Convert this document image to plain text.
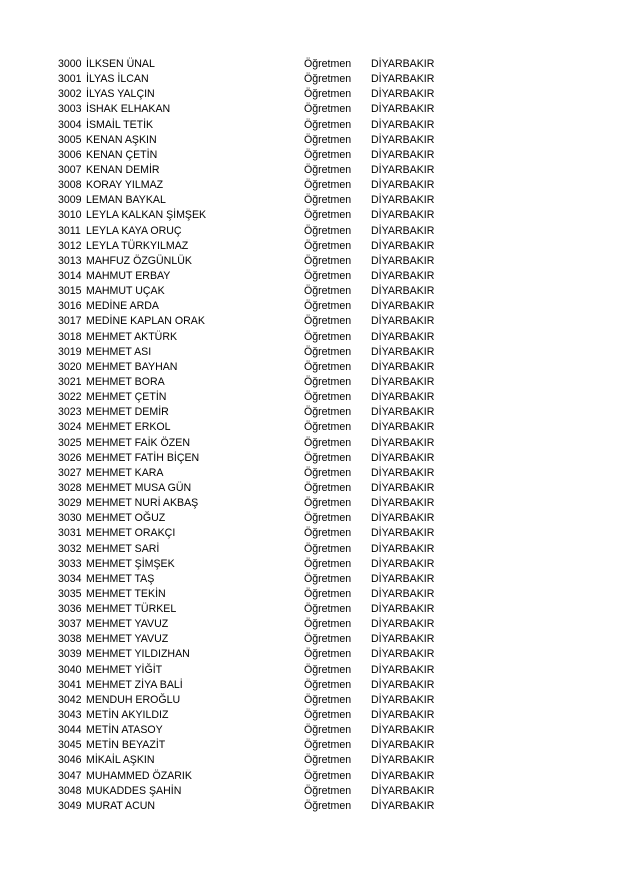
3000 İLKSEN ÜNAL	Öğretmen DİYARBAKIR
3001 İLYAS İLCAN	Öğretmen DİYARBAKIR
3002 İLYAS YALÇIN	Öğretmen DİYARBAKIR
3003 İSHAK ELHAKAN	Öğretmen DİYARBAKIR
3004 İSMAİL TETİK	Öğretmen DİYARBAKIR
3005 KENAN AŞKIN	Öğretmen DİYARBAKIR
3006 KENAN ÇETİN	Öğretmen DİYARBAKIR
3007 KENAN DEMİR	Öğretmen DİYARBAKIR
3008 KORAY YILMAZ	Öğretmen DİYARBAKIR
3009 LEMAN BAYKAL	Öğretmen DİYARBAKIR
3010 LEYLA KALKAN ŞİMŞEK	Öğretmen DİYARBAKIR
3011 LEYLA KAYA ORUÇ	Öğretmen DİYARBAKIR
3012 LEYLA TÜRKYILMAZ	Öğretmen DİYARBAKIR
3013 MAHFUZ ÖZGÜNLÜK	Öğretmen DİYARBAKIR
3014 MAHMUT ERBAY	Öğretmen DİYARBAKIR
3015 MAHMUT UÇAK	Öğretmen DİYARBAKIR
3016 MEDİNE ARDA	Öğretmen DİYARBAKIR
3017 MEDİNE KAPLAN ORAK	Öğretmen DİYARBAKIR
3018 MEHMET AKTÜRK	Öğretmen DİYARBAKIR
3019 MEHMET ASI	Öğretmen DİYARBAKIR
3020 MEHMET BAYHAN	Öğretmen DİYARBAKIR
3021 MEHMET BORA	Öğretmen DİYARBAKIR
3022 MEHMET ÇETİN	Öğretmen DİYARBAKIR
3023 MEHMET DEMİR	Öğretmen DİYARBAKIR
3024 MEHMET ERKOL	Öğretmen DİYARBAKIR
3025 MEHMET FAİK ÖZEN	Öğretmen DİYARBAKIR
3026 MEHMET FATİH BİÇEN	Öğretmen DİYARBAKIR
3027 MEHMET KARA	Öğretmen DİYARBAKIR
3028 MEHMET MUSA GÜN	Öğretmen DİYARBAKIR
3029 MEHMET NURİ AKBAŞ	Öğretmen DİYARBAKIR
3030 MEHMET OĞUZ	Öğretmen DİYARBAKIR
3031 MEHMET ORAKÇI	Öğretmen DİYARBAKIR
3032 MEHMET SARİ	Öğretmen DİYARBAKIR
3033 MEHMET ŞİMŞEK	Öğretmen DİYARBAKIR
3034 MEHMET TAŞ	Öğretmen DİYARBAKIR
3035 MEHMET TEKİN	Öğretmen DİYARBAKIR
3036 MEHMET TÜRKEL	Öğretmen DİYARBAKIR
3037 MEHMET YAVUZ	Öğretmen DİYARBAKIR
3038 MEHMET YAVUZ	Öğretmen DİYARBAKIR
3039 MEHMET YILDIZHAN	Öğretmen DİYARBAKIR
3040 MEHMET YİĞİT	Öğretmen DİYARBAKIR
3041 MEHMET ZİYA BALİ	Öğretmen DİYARBAKIR
3042 MENDUH EROĞLU	Öğretmen DİYARBAKIR
3043 METİN AKYILDIZ	Öğretmen DİYARBAKIR
3044 METİN ATASOY	Öğretmen DİYARBAKIR
3045 METİN BEYAZİT	Öğretmen DİYARBAKIR
3046 MİKAİL AŞKIN	Öğretmen DİYARBAKIR
3047 MUHAMMED ÖZARIK	Öğretmen DİYARBAKIR
3048 MUKADDES ŞAHİN	Öğretmen DİYARBAKIR
3049 MURAT ACUN	Öğretmen DİYARBAKIR
